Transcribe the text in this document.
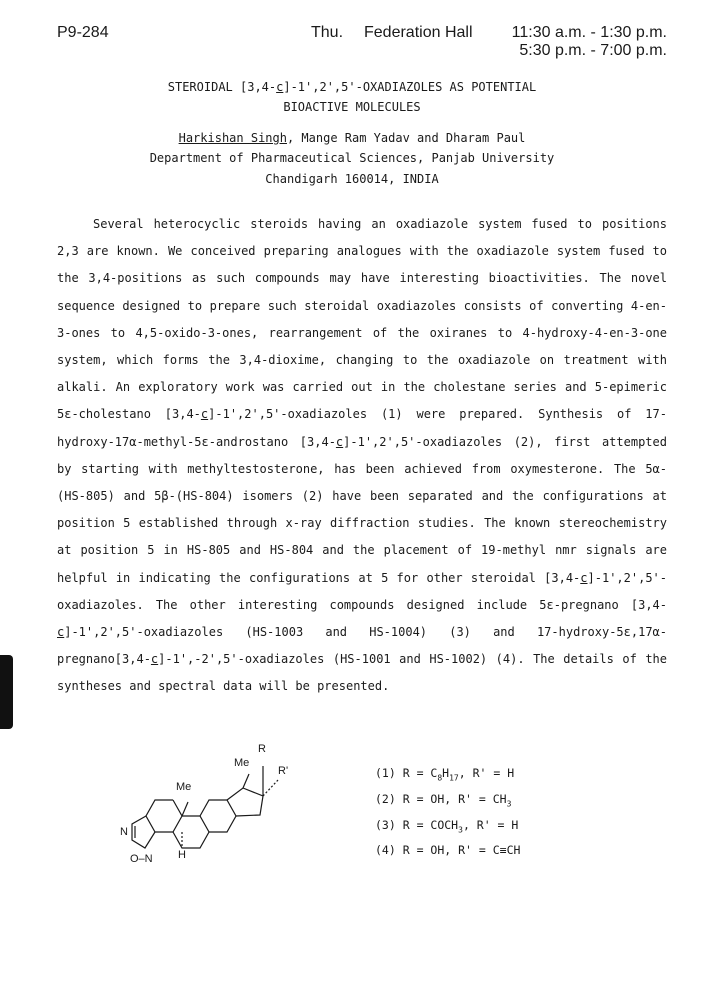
P9-284	Thu. Federation Hall	11:30 a.m. - 1:30 p.m.
5:30 p.m. - 7:00 p.m.
STEROIDAL [3,4-c]-1',2',5'-OXADIAZOLES AS POTENTIAL
BIOACTIVE MOLECULES
Harkishan Singh, Mange Ram Yadav and Dharam Paul
Department of Pharmaceutical Sciences, Panjab University
Chandigarh 160014, INDIA

Several heterocyclic steroids having an oxadiazole system fused to positions 2,3 are known. We conceived preparing analogues with the oxadiazole system fused to the 3,4-positions as such compounds may have interesting bioactivities. The novel sequence designed to prepare such steroidal oxadiazoles consists of converting 4-en-3-ones to 4,5-oxido-3-ones, rearrangement of the oxiranes to 4-hydroxy-4-en-3-one system, which forms the 3,4-dioxime, changing to the oxadiazole on treatment with alkali. An exploratory work was carried out in the cholestane series and 5-epimeric 5ε-cholestano [3,4-c]-1',2',5'-oxadiazoles (1) were prepared. Synthesis of 17-hydroxy-17α-methyl-5ε-androstano [3,4-c]-1',2',5'-oxadiazoles (2), first attempted by starting with methyltestosterone, has been achieved from oxymesterone. The 5α-(HS-805) and 5β-(HS-804) isomers (2) have been separated and the configurations at position 5 established through x-ray diffraction studies. The known stereochemistry at position 5 in HS-805 and HS-804 and the placement of 19-methyl nmr signals are helpful in indicating the configurations at 5 for other steroidal [3,4-c]-1',2',5'-oxadiazoles. The other interesting compounds designed include 5ε-pregnano [3,4-c]-1',2',5'-oxadiazoles (HS-1003 and HS-1004) (3) and 17-hydroxy-5ε,17α-pregnano[3,4-c]-1',-2',5'-oxadiazoles (HS-1001 and HS-1002) (4). The details of the syntheses and spectral data will be presented.

R
R'
Me
Me
N
O–N H
(1) $R = C_8H_{17}$, R' = H
(2) R = OH, $R' = CH_3$
(3) $R = COCH_3$, R' = H
(4) R = OH, R' = C≡CH
